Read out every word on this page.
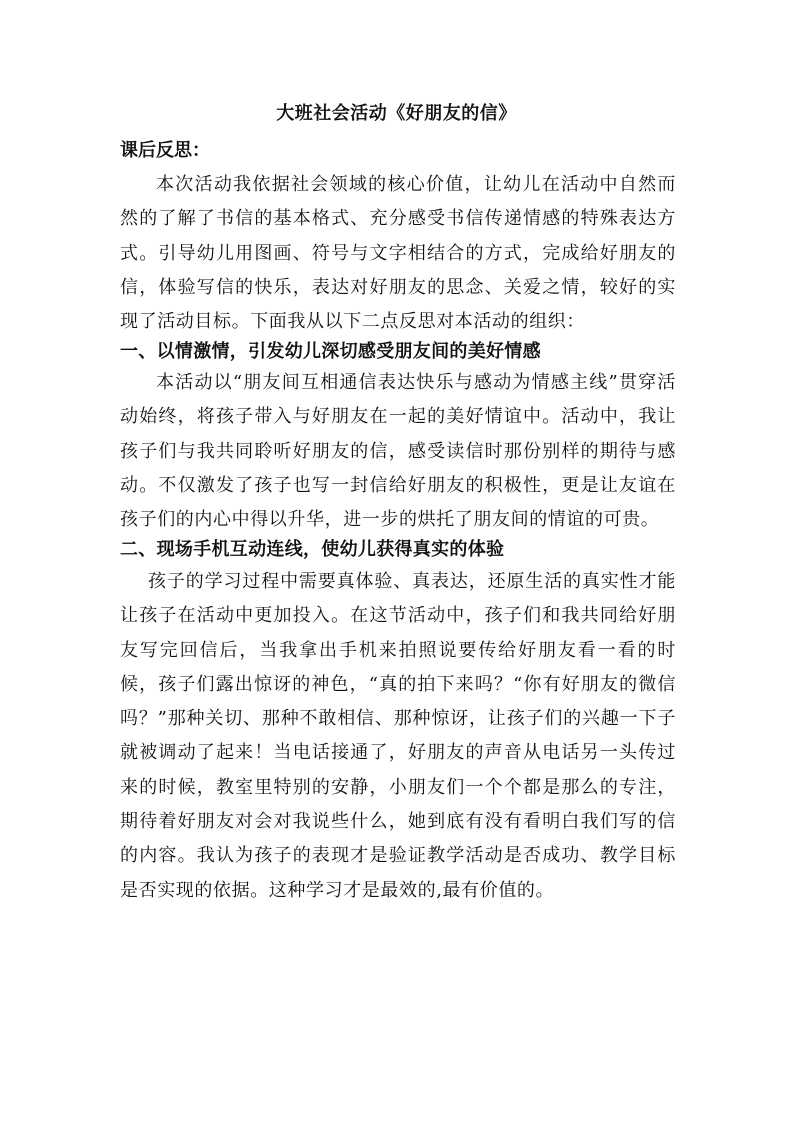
大班社会活动《好朋友的信》
课后反思：
本次活动我依据社会领域的核心价值，让幼儿在活动中自然而然的了解了书信的基本格式、充分感受书信传递情感的特殊表达方式。引导幼儿用图画、符号与文字相结合的方式，完成给好朋友的信，体验写信的快乐，表达对好朋友的思念、关爱之情，较好的实现了活动目标。下面我从以下二点反思对本活动的组织：
一、以情激情，引发幼儿深切感受朋友间的美好情感
本活动以“朋友间互相通信表达快乐与感动为情感主线”贯穿活动始终，将孩子带入与好朋友在一起的美好情谊中。活动中，我让孩子们与我共同聆听好朋友的信，感受读信时那份别样的期待与感动。不仅激发了孩子也写一封信给好朋友的积极性，更是让友谊在孩子们的内心中得以升华，进一步的烘托了朋友间的情谊的可贵。
二、现场手机互动连线，使幼儿获得真实的体验
孩子的学习过程中需要真体验、真表达，还原生活的真实性才能让孩子在活动中更加投入。在这节活动中，孩子们和我共同给好朋友写完回信后，当我拿出手机来拍照说要传给好朋友看一看的时候，孩子们露出惊讶的神色，“真的拍下来吗？“你有好朋友的微信吗？”那种关切、那种不敢相信、那种惊讶，让孩子们的兴趣一下子就被调动了起来！当电话接通了，好朋友的声音从电话另一头传过来的时候，教室里特别的安静，小朋友们一个个都是那么的专注，期待着好朋友对会对我说些什么，她到底有没有看明白我们写的信的内容。我认为孩子的表现才是验证教学活动是否成功、教学目标是否实现的依据。这种学习才是最效的,最有价值的。
